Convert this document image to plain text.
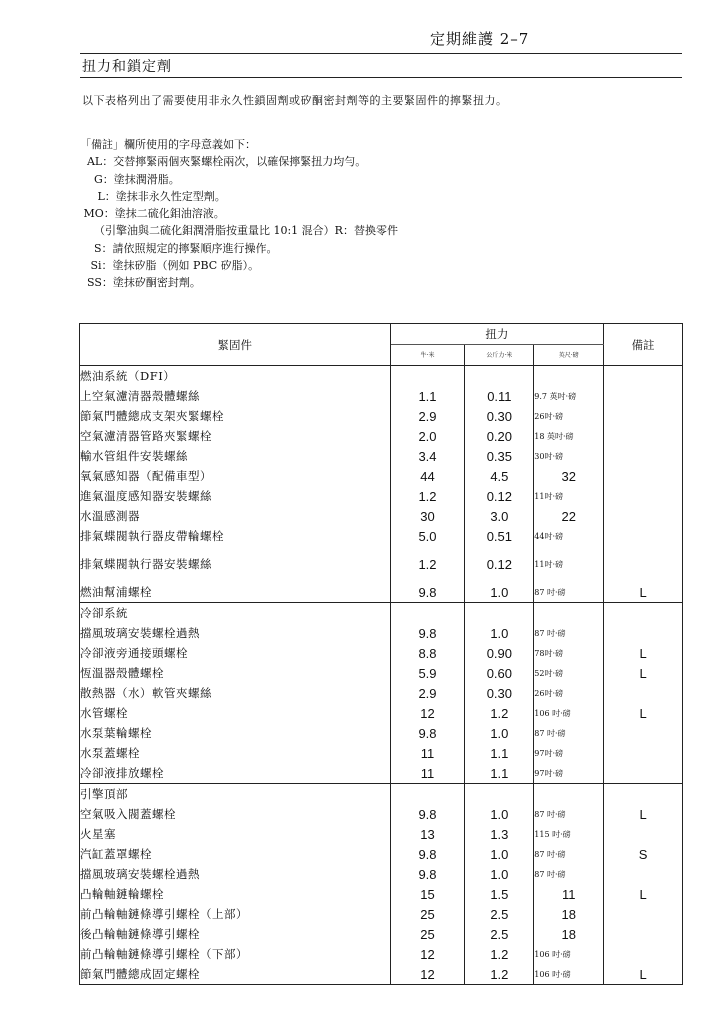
定期維護 2–7
扭力和鎖定劑
以下表格列出了需要使用非永久性鎖固劑或矽酮密封劑等的主要緊固件的擰緊扭力。
「備註」欄所使用的字母意義如下：
AL：交替擰緊兩個夾緊螺栓兩次，以確保擰緊扭力均勻。
G：塗抹潤滑脂。
L：塗抹非永久性定型劑。
MO：塗抹二硫化鉬油溶液。
（引擎油與二硫化鉬潤滑脂按重量比 10:1 混合）R：替換零件
S：請依照規定的擰緊順序進行操作。
Si：塗抹矽脂（例如 PBC 矽脂）。
SS：塗抹矽酮密封劑。
緊固件	扭力			備註
	牛·米	公斤力·米	英尺·磅	
燃油系統（DFI）				
上空氣濾清器殼體螺絲	1.1	0.11	9.7 英吋·磅	
節氣門體總成支架夾緊螺栓	2.9	0.30	26吋·磅	
空氣濾清器管路夾緊螺栓	2.0	0.20	18 英吋·磅	
輸水管組件安裝螺絲	3.4	0.35	30吋·磅	
氧氣感知器（配備車型）	44	4.5	32	
進氣溫度感知器安裝螺絲	1.2	0.12	11吋·磅	
水溫感測器	30	3.0	22	
排氣蝶閥執行器皮帶輪螺栓	5.0	0.51	44吋·磅	

排氣蝶閥執行器安裝螺絲	1.2	0.12	11吋·磅	
燃油幫浦螺栓	9.8	1.0	87 吋·磅	L
冷卻系統				
擋風玻璃安裝螺栓過熱	9.8	1.0	87 吋·磅	
冷卻液旁通接頭螺栓	8.8	0.90	78吋·磅	L
恆溫器殼體螺栓	5.9	0.60	52吋·磅	L
散熱器（水）軟管夾螺絲	2.9	0.30	26吋·磅	
水管螺栓	12	1.2	106 吋·磅	L
水泵葉輪螺栓	9.8	1.0	87 吋·磅	
水泵蓋螺栓	11	1.1	97吋·磅	
冷卻液排放螺栓	11	1.1	97吋·磅	
引擎頂部				
空氣吸入閥蓋螺栓	9.8	1.0	87 吋·磅	L
火星塞	13	1.3	115 吋·磅	
汽缸蓋罩螺栓	9.8	1.0	87 吋·磅	S
擋風玻璃安裝螺栓過熱	9.8	1.0	87 吋·磅	
凸輪軸鏈輪螺栓	15	1.5	11	L
前凸輪軸鏈條導引螺栓（上部）	25	2.5	18	
後凸輪軸鏈條導引螺栓	25	2.5	18	
前凸輪軸鏈條導引螺栓（下部）	12	1.2	106 吋·磅	
節氣門體總成固定螺栓	12	1.2	106 吋·磅	L
